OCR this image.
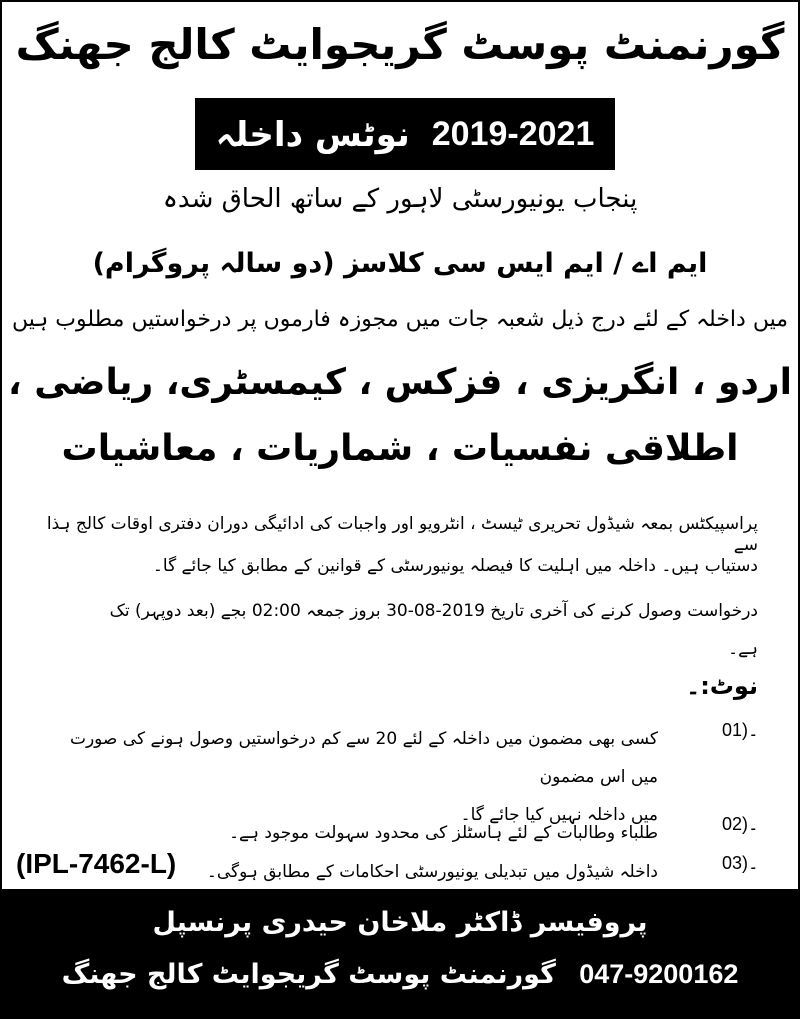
گورنمنٹ پوسٹ گریجوایٹ کالج جھنگ
نوٹس داخلہ 2019-2021
پنجاب یونیورسٹی لاہور کے ساتھ الحاق شدہ
ایم اے / ایم ایس سی کلاسز (دو سالہ پروگرام)
میں داخلہ کے لئے درج ذیل شعبہ جات میں مجوزہ فارموں پر درخواستیں مطلوب ہیں
اردو ، انگریزی ، فزکس ، کیمسٹری، ریاضی ،
اطلاقی نفسیات ، شماریات ، معاشیات
پراسپیکٹس بمعہ شیڈول تحریری ٹیسٹ ، انٹرویو اور واجبات کی ادائیگی دوران دفتری اوقات کالج ہذا سے
دستیاب ہیں۔ داخلہ میں اہلیت کا فیصلہ یونیورسٹی کے قوانین کے مطابق کیا جائے گا۔
درخواست وصول کرنے کی آخری تاریخ 2019-08-30 بروز جمعہ 02:00 بجے (بعد دوپہر) تک
ہے۔
نوٹ:۔
01)۔
کسی بھی مضمون میں داخلہ کے لئے 20 سے کم درخواستیں وصول ہونے کی صورت میں اس مضمون
میں داخلہ نہیں کیا جائے گا۔	02)۔
طلباء وطالبات کے لئے ہاسٹلز کی محدود سہولت موجود ہے۔
03)۔
داخلہ شیڈول میں تبدیلی یونیورسٹی احکامات کے مطابق ہوگی۔
(IPL-7462-L)
پروفیسر ڈاکٹر ملاخان حیدری پرنسپل
گورنمنٹ پوسٹ گریجوایٹ کالج جھنگ 047-9200162
